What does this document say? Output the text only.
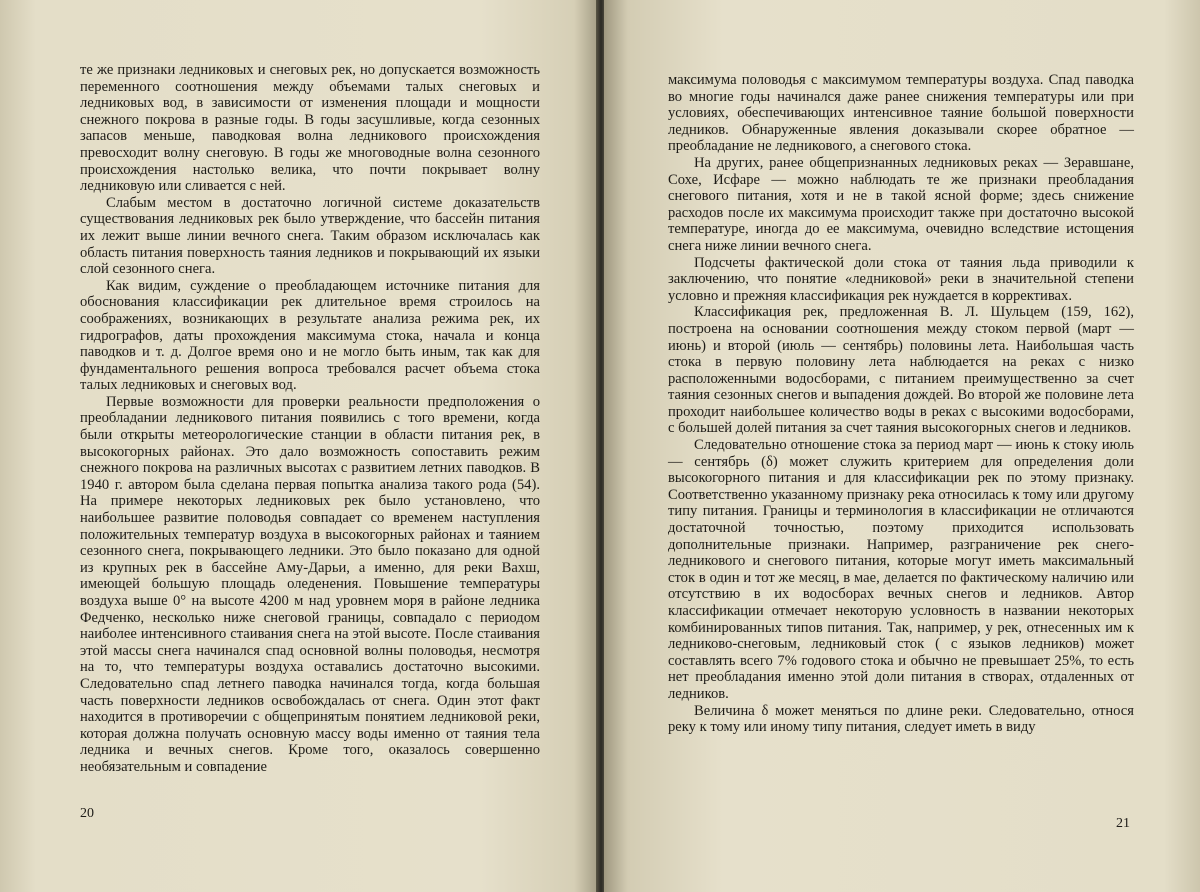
те же признаки ледниковых и снеговых рек, но допускается возможность переменного соотношения между объемами талых снеговых и ледниковых вод, в зависимости от изменения площади и мощности снежного покрова в разные годы. В годы засушливые, когда сезонных запасов меньше, паводковая волна ледникового происхождения превосходит волну снеговую. В годы же многоводные волна сезонного происхождения настолько велика, что почти покрывает волну ледниковую или сливается с ней.

Слабым местом в достаточно логичной системе доказательств существования ледниковых рек было утверждение, что бассейн питания их лежит выше линии вечного снега. Таким образом исключалась как область питания поверхность таяния ледников и покрывающий их языки слой сезонного снега.

Как видим, суждение о преобладающем источнике питания для обоснования классификации рек длительное время строилось на соображениях, возникающих в результате анализа режима рек, их гидрографов, даты прохождения максимума стока, начала и конца паводков и т. д. Долгое время оно и не могло быть иным, так как для фундаментального решения вопроса требовался расчет объема стока талых ледниковых и снеговых вод.

Первые возможности для проверки реальности предположения о преобладании ледникового питания появились с того времени, когда были открыты метеорологические станции в области питания рек, в высокогорных районах. Это дало возможность сопоставить режим снежного покрова на различных высотах с развитием летних паводков. В 1940 г. автором была сделана первая попытка анализа такого рода (54). На примере некоторых ледниковых рек было установлено, что наибольшее развитие половодья совпадает со временем наступления положительных температур воздуха в высокогорных районах и таянием сезонного снега, покрывающего ледники. Это было показано для одной из крупных рек в бассейне Аму-Дарьи, а именно, для реки Вахш, имеющей большую площадь оледенения. Повышение температуры воздуха выше 0° на высоте 4200 м над уровнем моря в районе ледника Федченко, несколько ниже снеговой границы, совпадало с периодом наиболее интенсивного стаивания снега на этой высоте. После стаивания этой массы снега начинался спад основной волны половодья, несмотря на то, что температуры воздуха оставались достаточно высокими. Следовательно спад летнего паводка начинался тогда, когда большая часть поверхности ледников освобождалась от снега. Один этот факт находится в противоречии с общепринятым понятием ледниковой реки, которая должна получать основную массу воды именно от таяния тела ледника и вечных снегов. Кроме того, оказалось совершенно необязательным и совпадение

20

максимума половодья с максимумом температуры воздуха. Спад паводка во многие годы начинался даже ранее снижения температуры или при условиях, обеспечивающих интенсивное таяние большой поверхности ледников. Обнаруженные явления доказывали скорее обратное — преобладание не ледникового, а снегового стока.

На других, ранее общепризнанных ледниковых реках — Зеравшане, Сохе, Исфаре — можно наблюдать те же признаки преобладания снегового питания, хотя и не в такой ясной форме; здесь снижение расходов после их максимума происходит также при достаточно высокой температуре, иногда до ее максимума, очевидно вследствие истощения снега ниже линии вечного снега.

Подсчеты фактической доли стока от таяния льда приводили к заключению, что понятие «ледниковой» реки в значительной степени условно и прежняя классификация рек нуждается в коррективах.

Классификация рек, предложенная В. Л. Шульцем (159, 162), построена на основании соотношения между стоком первой (март — июнь) и второй (июль — сентябрь) половины лета. Наибольшая часть стока в первую половину лета наблюдается на реках с низко расположенными водосборами, с питанием преимущественно за счет таяния сезонных снегов и выпадения дождей. Во второй же половине лета проходит наибольшее количество воды в реках с высокими водосборами, с большей долей питания за счет таяния высокогорных снегов и ледников.

Следовательно отношение стока за период март — июнь к стоку июль — сентябрь (δ) может служить критерием для определения доли высокогорного питания и для классификации рек по этому признаку. Соответственно указанному признаку река относилась к тому или другому типу питания. Границы и терминология в классификации не отличаются достаточной точностью, поэтому приходится использовать дополнительные признаки. Например, разграничение рек снего-ледникового и снегового питания, которые могут иметь максимальный сток в один и тот же месяц, в мае, делается по фактическому наличию или отсутствию в их водосборах вечных снегов и ледников. Автор классификации отмечает некоторую условность в названии некоторых комбинированных типов питания. Так, например, у рек, отнесенных им к ледниково-снеговым, ледниковый сток ( с языков ледников) может составлять всего 7% годового стока и обычно не превышает 25%, то есть нет преобладания именно этой доли питания в створах, отдаленных от ледников.

Величина δ может меняться по длине реки. Следовательно, относя реку к тому или иному типу питания, следует иметь в виду

21
